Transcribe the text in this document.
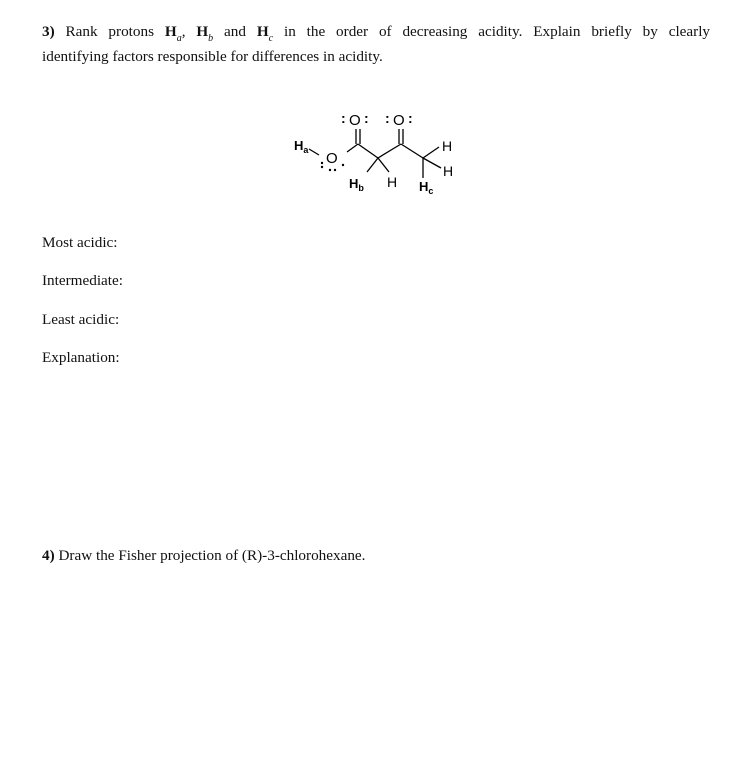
3) Rank protons $H_a$, $H_b$ and $H_c$ in the order of decreasing acidity. Explain briefly by clearly
identifying factors responsible for differences in acidity.
O
: : O
: :
O
$H_a$
$H_b$ H $H_c$
H
H
Most acidic:
Intermediate:
Least acidic:
Explanation:
4) Draw the Fisher projection of (R)-3-chlorohexane.
